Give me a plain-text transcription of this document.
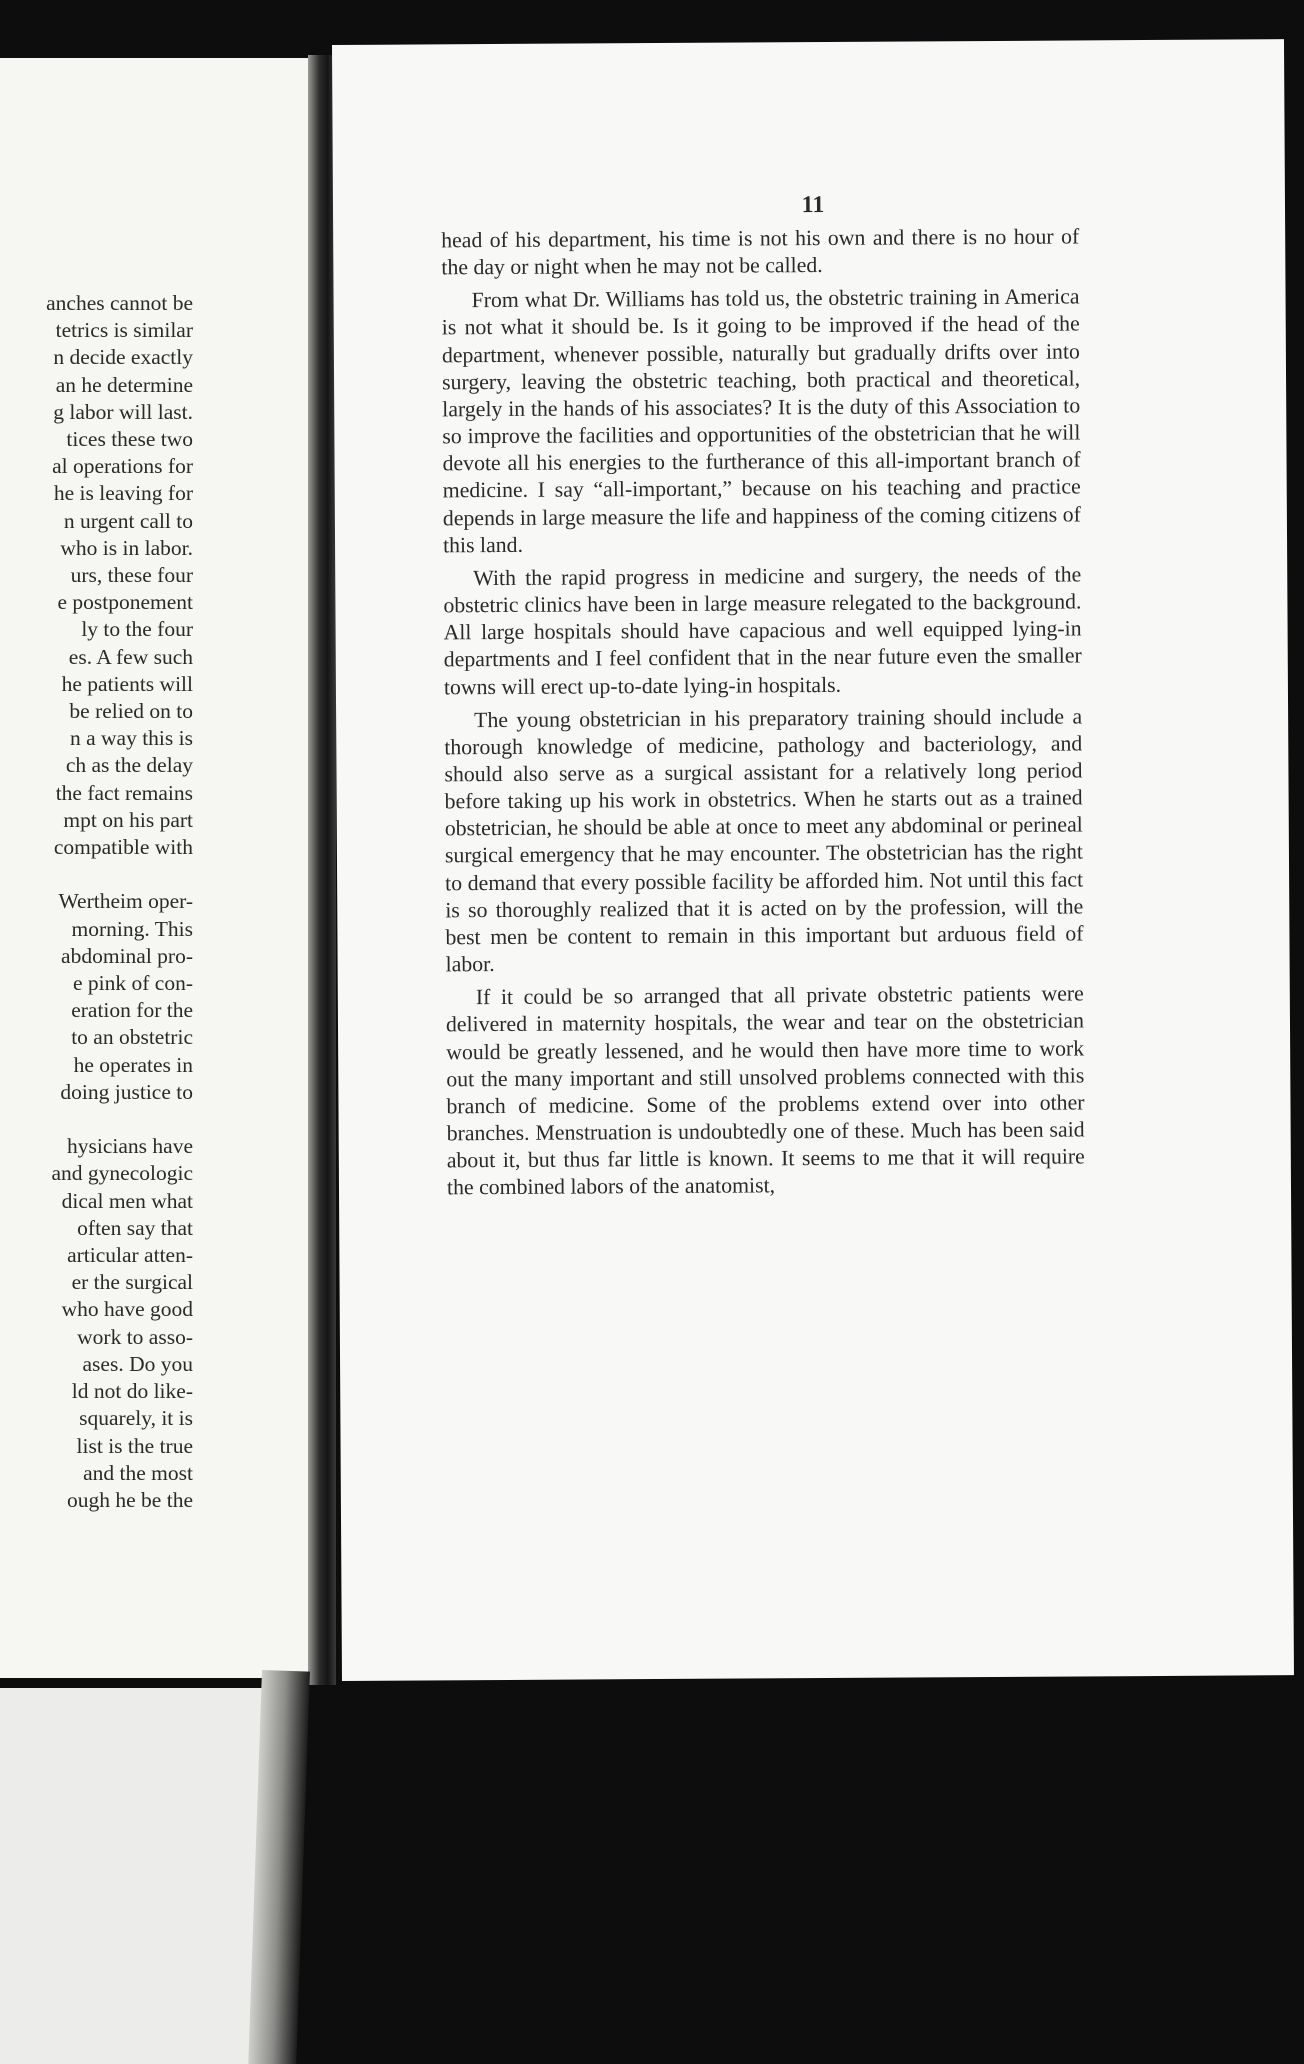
anches cannot be
tetrics is similar
n decide exactly
an he determine
g labor will last.
tices these two
al operations for
he is leaving for
n urgent call to
who is in labor.
urs, these four
e postponement
ly to the four
es. A few such
he patients will
be relied on to
n a way this is
ch as the delay
the fact remains
mpt on his part
compatible with
Wertheim oper-
morning. This
abdominal pro-
e pink of con-
eration for the
to an obstetric
he operates in
doing justice to
hysicians have
and gynecologic
dical men what
often say that
articular atten-
er the surgical
who have good
work to asso-
ases. Do you
ld not do like-
squarely, it is
list is the true
and the most
ough he be the
11

head of his department, his time is not his own and there is no hour of the day or night when he may not be called.

From what Dr. Williams has told us, the obstetric training in America is not what it should be. Is it going to be improved if the head of the department, whenever possible, naturally but gradually drifts over into surgery, leaving the obstetric teaching, both practical and theoretical, largely in the hands of his associates? It is the duty of this Association to so improve the facilities and opportunities of the obstetrician that he will devote all his energies to the furtherance of this all-important branch of medicine. I say “all-important,” because on his teaching and practice depends in large measure the life and happiness of the coming citizens of this land.

With the rapid progress in medicine and surgery, the needs of the obstetric clinics have been in large measure relegated to the background. All large hospitals should have capacious and well equipped lying-in departments and I feel confident that in the near future even the smaller towns will erect up-to-date lying-in hospitals.

The young obstetrician in his preparatory training should include a thorough knowledge of medicine, pathology and bacteriology, and should also serve as a surgical assistant for a relatively long period before taking up his work in obstetrics. When he starts out as a trained obstetrician, he should be able at once to meet any abdominal or perineal surgical emergency that he may encounter. The obstetrician has the right to demand that every possible facility be afforded him. Not until this fact is so thoroughly realized that it is acted on by the profession, will the best men be content to remain in this important but arduous field of labor.

If it could be so arranged that all private obstetric patients were delivered in maternity hospitals, the wear and tear on the obstetrician would be greatly lessened, and he would then have more time to work out the many important and still unsolved problems connected with this branch of medicine. Some of the problems extend over into other branches. Menstruation is undoubtedly one of these. Much has been said about it, but thus far little is known. It seems to me that it will require the combined labors of the anatomist,
